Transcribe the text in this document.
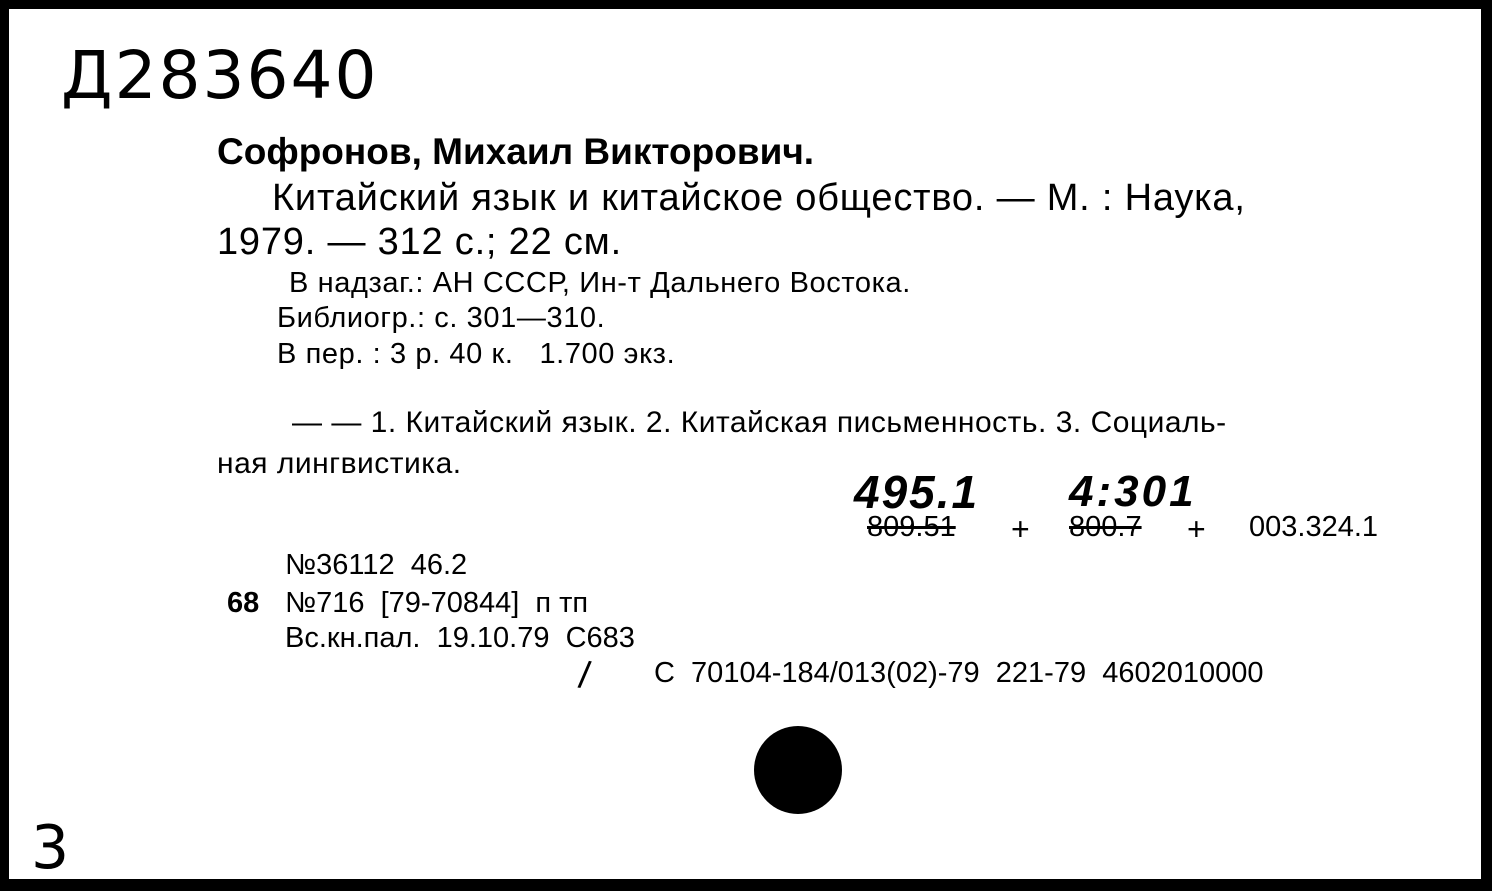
Д283640
Софронов, Михаил Викторович.
Китайский язык и китайское общество. — М. : Наука,
1979. — 312 с.; 22 см.
В надзаг.: АН СССР, Ин-т Дальнего Востока.
Библиогр.: с. 301—310.
В пер. : 3 р. 40 к.   1.700 экз.
— — 1. Китайский язык. 2. Китайская письменность. 3. Социаль-
ная лингвистика.
495.1 4:301
809.51 + 800.7 + 003.324.1
№36112  46.2
68 №716  [79-70844]  п тп
Вс.кн.пал.  19.10.79  С683
/ С  70104-184/013(02)-79  221-79  4602010000
3
